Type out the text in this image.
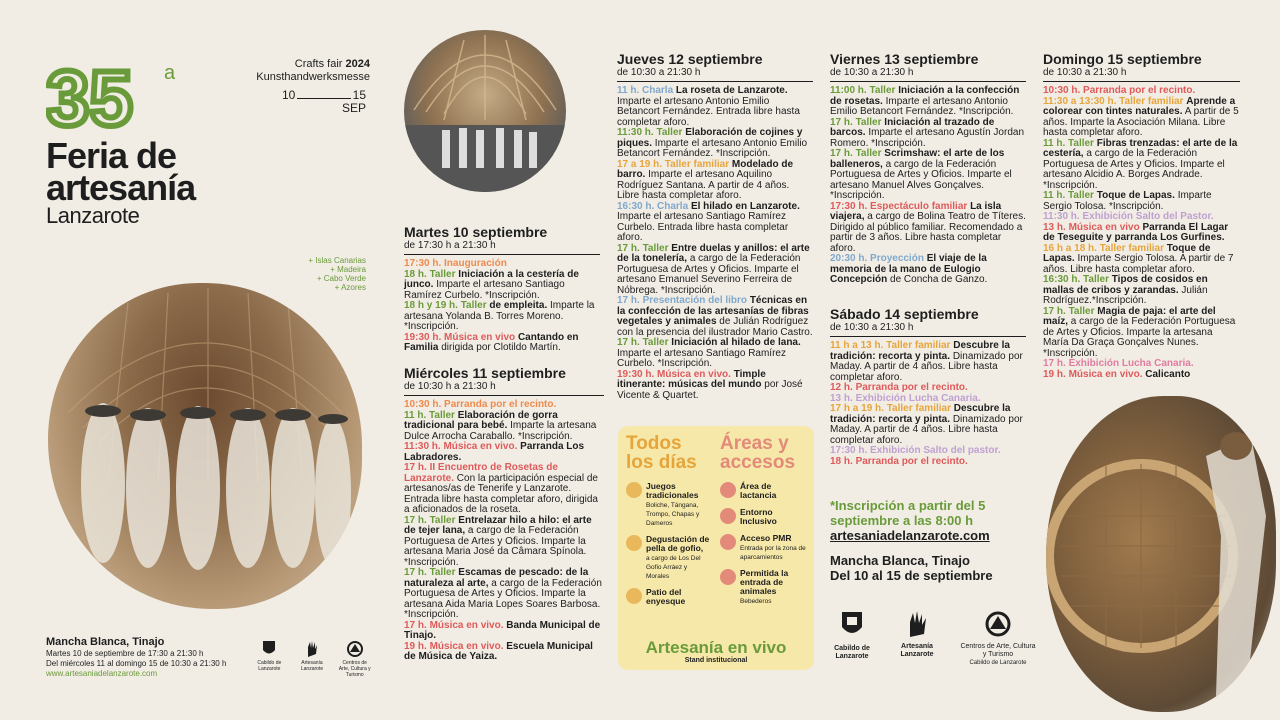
35 a	Crafts fair 2024
Kunsthandwerksmesse
10	15
SEP
Feria de artesanía
Lanzarote
+ Islas Canarias
+ Madeira
+ Cabo Verde
+ Azores
Mancha Blanca, Tinajo
Martes 10 de septiembre de 17:30 a 21:30 h
Del miércoles 11 al domingo 15 de 10:30 a 21:30 h
www.artesaniadelanzarote.com
Cabildo de Lanzarote
Artesanía Lanzarote
Centros de Arte, Cultura y Turismo

Martes 10 septiembre

de 17:30 h a 21:30 h

17:30 h. Inauguración

18 h. Taller Iniciación a la cestería de junco. Imparte el artesano Santiago Ramírez Curbelo. *Inscripción.

18 h y 19 h. Taller de empleita. Imparte la artesana Yolanda B. Torres Moreno. *Inscripción.

19:30 h. Música en vivo Cantando en Familia dirigida por Clotildo Martín.

Miércoles 11 septiembre

de 10:30 h a 21:30 h

10:30 h. Parranda por el recinto.

11 h. Taller Elaboración de gorra tradicional para bebé. Imparte la artesana Dulce Arrocha Caraballo. *Inscripción.

11:30 h. Música en vivo. Parranda Los Labradores.

17 h. II Encuentro de Rosetas de Lanzarote. Con la participación especial de artesanos/as de Tenerife y Lanzarote. Entrada libre hasta completar aforo, dirigida a aficionados de la roseta.

17 h. Taller Entrelazar hilo a hilo: el arte de tejer lana, a cargo de la Federación Portuguesa de Artes y Oficios. Imparte la artesana Maria José da Câmara Spínola. *Inscripción.

17 h. Taller Escamas de pescado: de la naturaleza al arte, a cargo de la Federación Portuguesa de Artes y Oficios. Imparte la artesana Aida Maria Lopes Soares Barbosa. *Inscripción.

17 h. Música en vivo. Banda Municipal de Tinajo.

19 h. Música en vivo. Escuela Municipal de Música de Yaiza.

Jueves 12 septiembre

de 10:30 a 21:30 h

11 h. Charla La roseta de Lanzarote. Imparte el artesano Antonio Emilio Betancort Fernández. Entrada libre hasta completar aforo.

11:30 h. Taller Elaboración de cojines y piques. Imparte el artesano Antonio Emilio Betancort Fernández. *Inscripción.

17 a 19 h. Taller familiar Modelado de barro. Imparte el artesano Aquilino Rodríguez Santana. A partir de 4 años. Libre hasta completar aforo.

16:30 h. Charla El hilado en Lanzarote. Imparte el artesano Santiago Ramírez Curbelo. Entrada libre hasta completar aforo.

17 h. Taller Entre duelas y anillos: el arte de la tonelería, a cargo de la Federación Portuguesa de Artes y Oficios. Imparte el artesano Emanuel Severino Ferreira de Nóbrega. *Inscripción.

17 h. Presentación del libro Técnicas en la confección de las artesanías de fibras vegetales y animales de Julián Rodríguez con la presencia del ilustrador Mario Castro.

17 h. Taller Iniciación al hilado de lana. Imparte el artesano Santiago Ramírez Curbelo. *Inscripción.

19:30 h. Música en vivo. Timple itinerante: músicas del mundo por José Vicente & Quartet.

Todos los días

Áreas y accesos

Juegos tradicionales
Boliche, Tángana, Trompo, Chapas y Dameros
Degustación de pella de gofio,
a cargo de Los Del Gofio Arráez y Morales
Patio del enyesque
Área de lactancia
Entorno Inclusivo
Acceso PMR
Entrada por la zona de aparcamientos
Permitida la entrada de animales
Bebederos
Artesanía en vivo
Stand institucional

Viernes 13 septiembre

de 10:30 a 21:30 h

11:00 h. Taller Iniciación a la confección de rosetas. Imparte el artesano Antonio Emilio Betancort Fernández. *Inscripción.

17 h. Taller Iniciación al trazado de barcos. Imparte el artesano Agustín Jordan Romero. *Inscripción.

17 h. Taller Scrimshaw: el arte de los balleneros, a cargo de la Federación Portuguesa de Artes y Oficios. Imparte el artesano Manuel Alves Gonçalves. *Inscripción.

17:30 h. Espectáculo familiar La isla viajera, a cargo de Bolina Teatro de Títeres. Dirigido al público familiar. Recomendado a partir de 3 años. Libre hasta completar aforo.

20:30 h. Proyección El viaje de la memoria de la mano de Eulogio Concepción de Concha de Ganzo.

Sábado 14 septiembre

de 10:30 a 21:30 h

11 h a 13 h. Taller familiar Descubre la tradición: recorta y pinta. Dinamizado por Maday. A partir de 4 años. Libre hasta completar aforo.

12 h. Parranda por el recinto.

13 h. Exhibición Lucha Canaria.

17 h a 19 h. Taller familiar Descubre la tradición: recorta y pinta. Dinamizado por Maday. A partir de 4 años. Libre hasta completar aforo.

17:30 h. Exhibición Salto del pastor.

18 h. Parranda por el recinto.

*Inscripción a partir del 5 septiembre a las 8:00 h
artesaniadelanzarote.com
Mancha Blanca, Tinajo
Del 10 al 15 de septiembre
Cabildo de Lanzarote
Artesanía Lanzarote
Centros de Arte, Cultura y Turismo
Cabildo de Lanzarote

Domingo 15 septiembre

de 10:30 a 21:30 h

10:30 h. Parranda por el recinto.

11:30 a 13:30 h. Taller familiar Aprende a colorear con tintes naturales. A partir de 5 años. Imparte la Asociación Milana. Libre hasta completar aforo.

11 h. Taller Fibras trenzadas: el arte de la cestería, a cargo de la Federación Portuguesa de Artes y Oficios. Imparte el artesano Alcidio A. Borges Andrade. *Inscripción.

11 h. Taller Toque de Lapas. Imparte Sergio Tolosa. *Inscripción.

11:30 h. Exhibición Salto del Pastor.

13 h. Música en vivo Parranda El Lagar de Teseguite y parranda Los Gurfines.

16 h a 18 h. Taller familiar Toque de Lapas. Imparte Sergio Tolosa. A partir de 7 años. Libre hasta completar aforo.

16:30 h. Taller Tipos de cosidos en mallas de cribos y zarandas. Julián Rodríguez.*Inscripción.

17 h. Taller Magia de paja: el arte del maíz, a cargo de la Federación Portuguesa de Artes y Oficios. Imparte la artesana María Da Graça Gonçalves Nunes. *Inscripción.

17 h. Exhibición Lucha Canaria.

19 h. Música en vivo. Calicanto
